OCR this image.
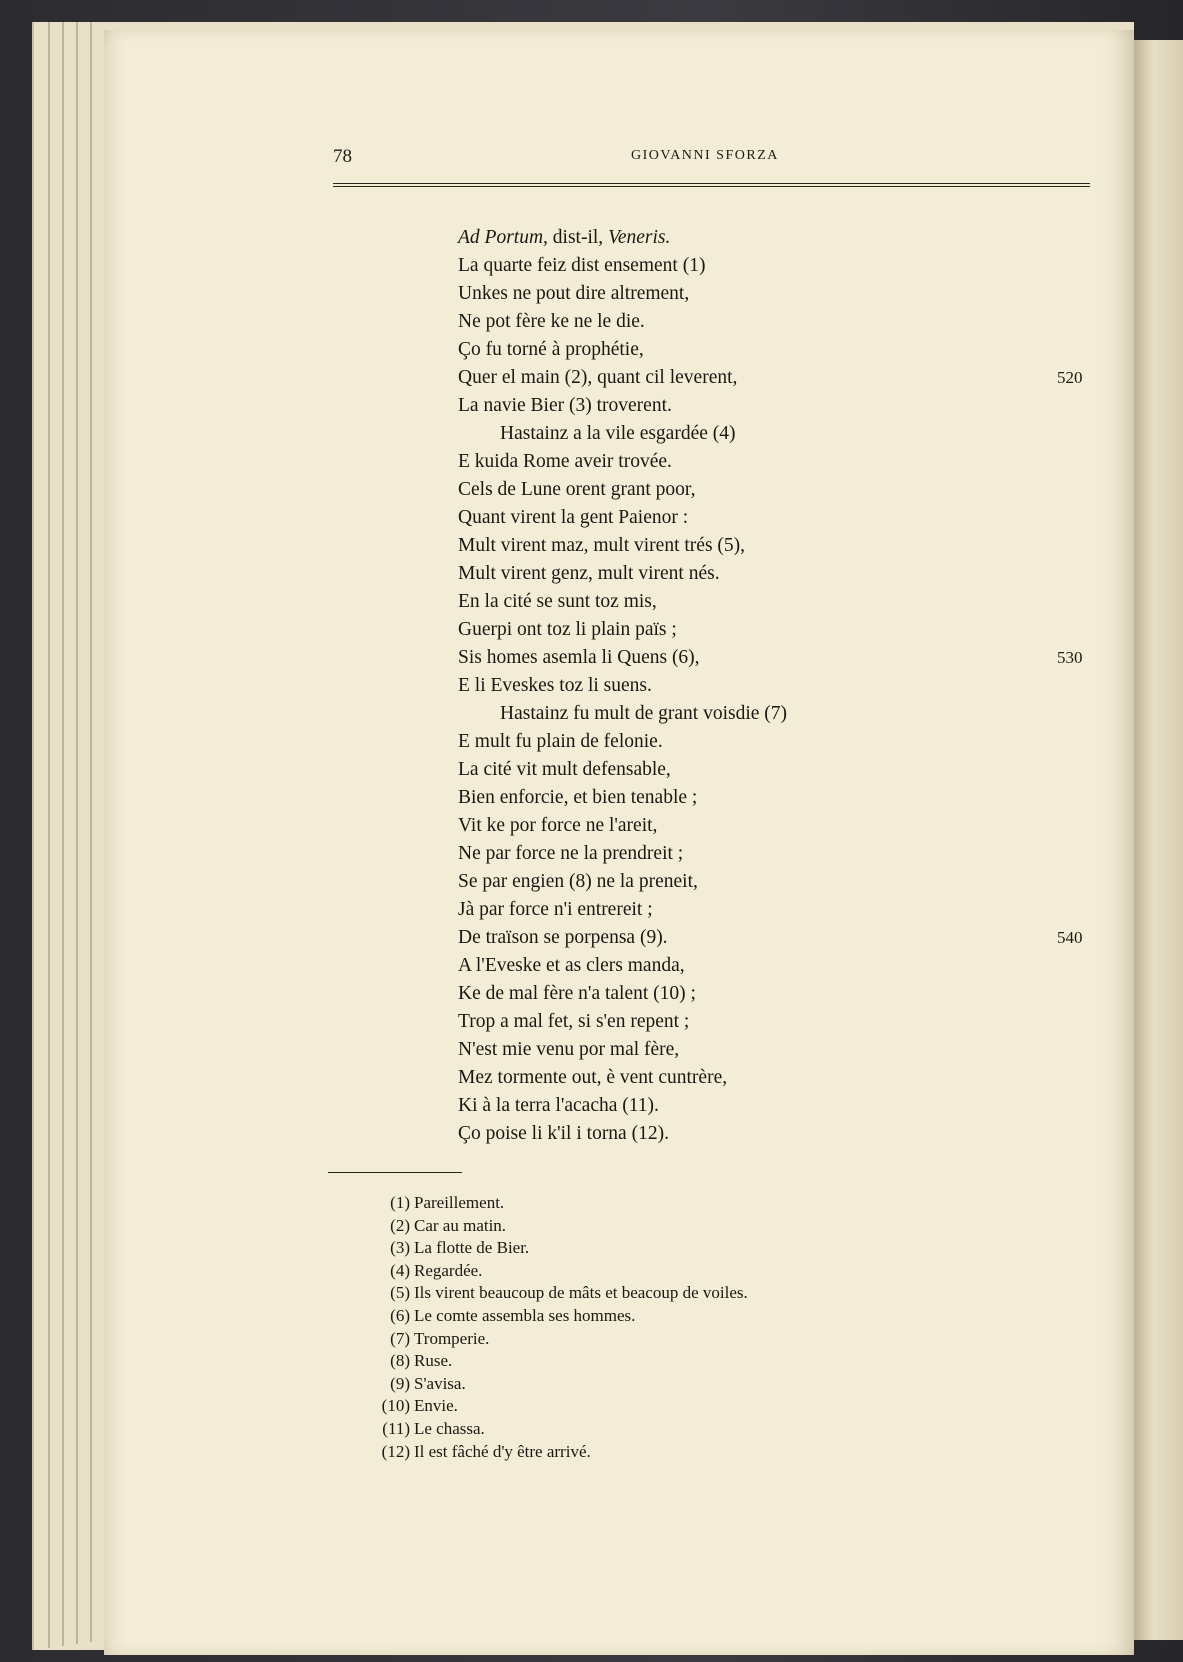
78	GIOVANNI SFORZA
Ad Portum, dist-il, Veneris.
La quarte feiz dist ensement (1)
Unkes ne pout dire altrement,
Ne pot fère ke ne le die.
Ço fu torné à prophétie,
Quer el main (2), quant cil leverent,
La navie Bier (3) troverent.
Hastainz a la vile esgardée (4)
E kuida Rome aveir trovée.
Cels de Lune orent grant poor,
Quant virent la gent Paienor :
Mult virent maz, mult virent trés (5),
Mult virent genz, mult virent nés.
En la cité se sunt toz mis,
Guerpi ont toz li plain païs ;
Sis homes asemla li Quens (6),
E li Eveskes toz li suens.
Hastainz fu mult de grant voisdie (7)
E mult fu plain de felonie.
La cité vit mult defensable,
Bien enforcie, et bien tenable ;
Vit ke por force ne l'areit,
Ne par force ne la prendreit ;
Se par engien (8) ne la preneit,
Jà par force n'i entrereit ;
De traïson se porpensa (9).
A l'Eveske et as clers manda,
Ke de mal fère n'a talent (10) ;
Trop a mal fet, si s'en repent ;
N'est mie venu por mal fère,
Mez tormente out, è vent cuntrère,
Ki à la terra l'acacha (11).
Ço poise li k'il i torna (12).
520
530
540
(1) Pareillement.
(2) Car au matin.
(3) La flotte de Bier.
(4) Regardée.
(5) Ils virent beaucoup de mâts et beacoup de voiles.
(6) Le comte assembla ses hommes.
(7) Tromperie.
(8) Ruse.
(9) S'avisa.
(10) Envie.
(11) Le chassa.
(12) Il est fâché d'y être arrivé.
